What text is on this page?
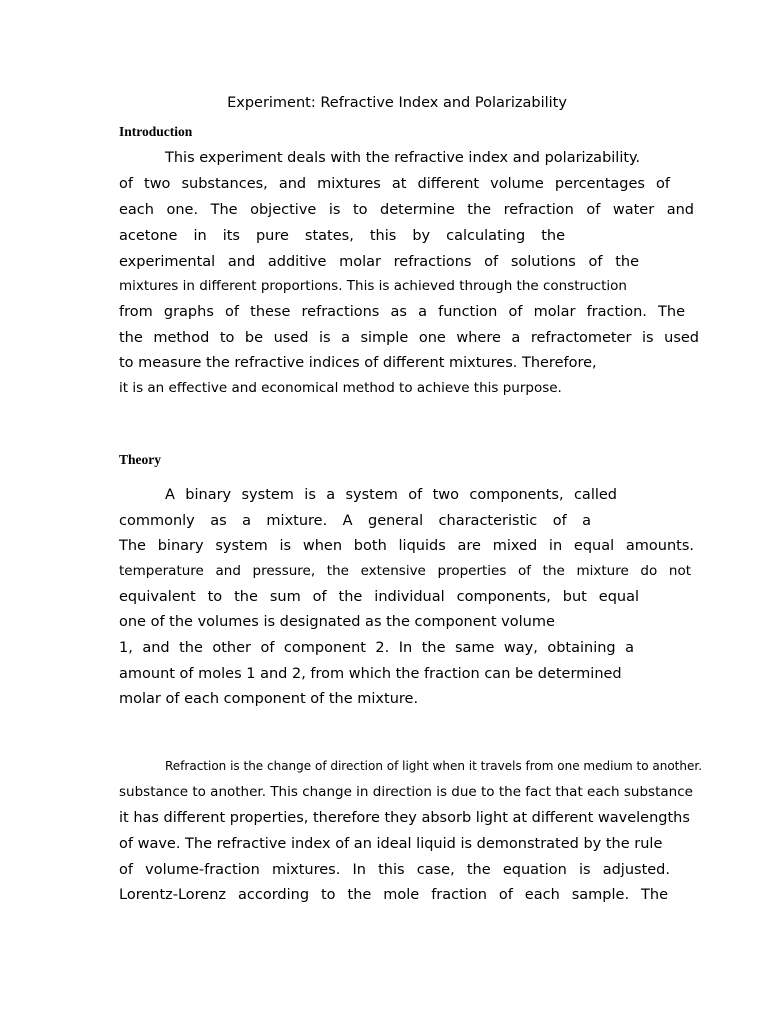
Experiment: Refractive Index and Polarizability
Introduction
This experiment deals with the refractive index and polarizability.
of two substances, and mixtures at different volume percentages of
each one. The objective is to determine the refraction of water and
acetone in its pure states, this by calculating the
experimental and additive molar refractions of solutions of the
mixtures in different proportions. This is achieved through the construction
from graphs of these refractions as a function of molar fraction. The
the method to be used is a simple one where a refractometer is used
to measure the refractive indices of different mixtures. Therefore,
it is an effective and economical method to achieve this purpose.
Theory
A binary system is a system of two components, called
commonly as a mixture. A general characteristic of a
The binary system is when both liquids are mixed in equal amounts.
temperature and pressure, the extensive properties of the mixture do not
equivalent to the sum of the individual components, but equal
one of the volumes is designated as the component volume
1, and the other of component 2. In the same way, obtaining a
amount of moles 1 and 2, from which the fraction can be determined
molar of each component of the mixture.
Refraction is the change of direction of light when it travels from one medium to another.
substance to another. This change in direction is due to the fact that each substance
it has different properties, therefore they absorb light at different wavelengths
of wave. The refractive index of an ideal liquid is demonstrated by the rule
of volume-fraction mixtures. In this case, the equation is adjusted.
Lorentz-Lorenz according to the mole fraction of each sample. The
